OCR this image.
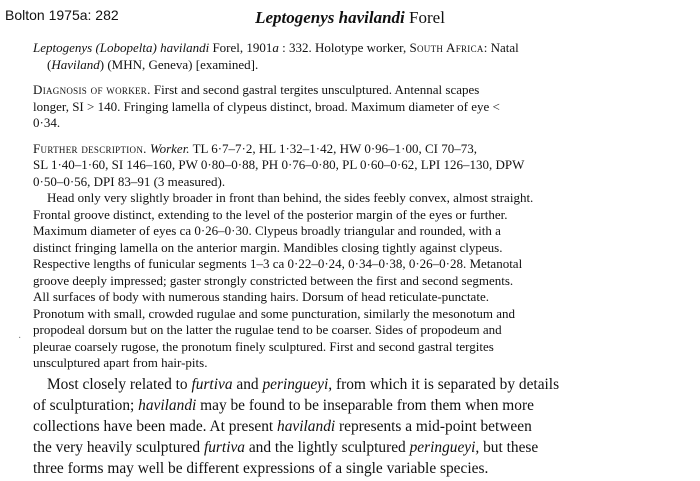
Bolton 1975a: 282	Leptogenys havilandi Forel
Leptogenys (Lobopelta) havilandi Forel, 1901a : 332. Holotype worker, South Africa: Natal
(Haviland) (MHN, Geneva) [examined].
Diagnosis of worker. First and second gastral tergites unsculptured. Antennal scapes
longer, SI > 140. Fringing lamella of clypeus distinct, broad. Maximum diameter of eye <
0·34.
Further description. Worker. TL 6·7–7·2, HL 1·32–1·42, HW 0·96–1·00, CI 70–73,
SL 1·40–1·60, SI 146–160, PW 0·80–0·88, PH 0·76–0·80, PL 0·60–0·62, LPI 126–130, DPW
0·50–0·56, DPI 83–91 (3 measured).
Head only very slightly broader in front than behind, the sides feebly convex, almost straight.
Frontal groove distinct, extending to the level of the posterior margin of the eyes or further.
Maximum diameter of eyes ca 0·26–0·30. Clypeus broadly triangular and rounded, with a
distinct fringing lamella on the anterior margin. Mandibles closing tightly against clypeus.
Respective lengths of funicular segments 1–3 ca 0·22–0·24, 0·34–0·38, 0·26–0·28. Metanotal
groove deeply impressed; gaster strongly constricted between the first and second segments.
All surfaces of body with numerous standing hairs. Dorsum of head reticulate-punctate.
Pronotum with small, crowded rugulae and some puncturation, similarly the mesonotum and
propodeal dorsum but on the latter the rugulae tend to be coarser. Sides of propodeum and
pleurae coarsely rugose, the pronotum finely sculptured. First and second gastral tergites
unsculptured apart from hair-pits.
·
Most closely related to furtiva and peringueyi, from which it is separated by details
of sculpturation; havilandi may be found to be inseparable from them when more
collections have been made. At present havilandi represents a mid-point between
the very heavily sculptured furtiva and the lightly sculptured peringueyi, but these
three forms may well be different expressions of a single variable species.
